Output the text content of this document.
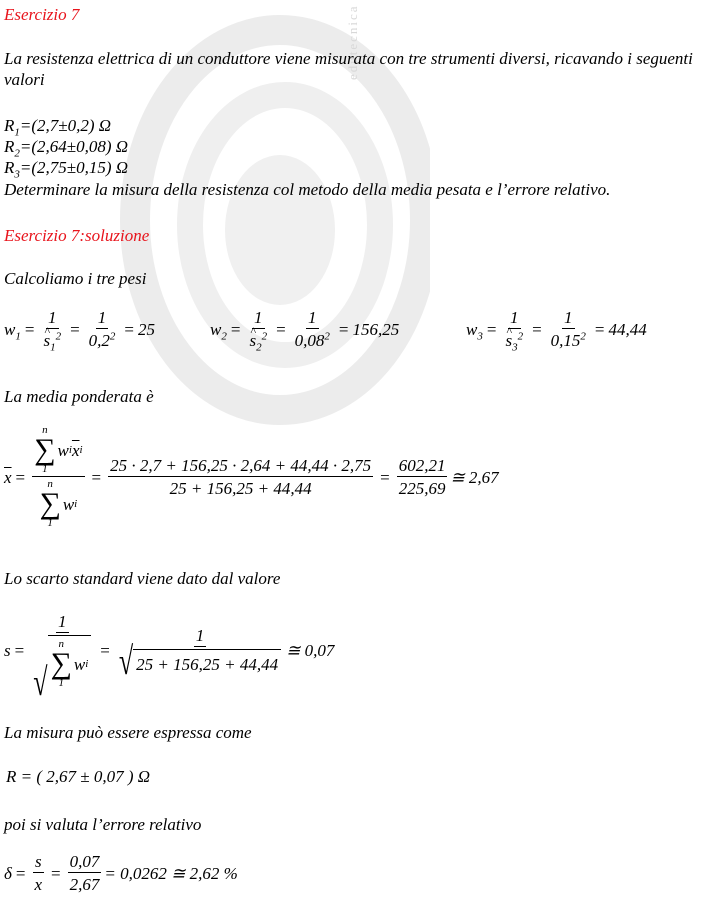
edutecnica
Esercizio 7
La resistenza elettrica di un conduttore viene misurata con tre strumenti diversi, ricavando i seguenti valori
$R_1=(2,7\pm 0,2)$ Ω
$R_2=(2,64\pm 0,08)$ Ω
$R_3=(2,75\pm 0,15)$ Ω
Determinare la misura della resistenza col metodo della media pesata e l’errore relativo.
Esercizio 7:soluzione
Calcoliamo i tre pesi
$w_1 = 1$
^ $s_1^2 = \frac{1}{0,2^2} = 25$	$w_2 = 1$
^ $s_2^2 = \frac{1}{0,08^2} = 156,25$	$w_3 = 1$
^ $s_3^2 = \frac{1}{0,15^2} = 44,44$
La media ponderata è
$\overline{x} = n$
∑
1
w i $\overline{x}$ i
n
∑
1
w $i = \frac{25 \cdot 2,7 + 156,25 \cdot 2,64 + 44,44 \cdot 2,75}{25 + 156,25 + 44,44} = \frac{602,21}{225,69}$ ≅ 2,67
Lo scarto standard viene dato dal valore
s = 1
√
n
∑
1
w $i = \frac{1}{√ 25 + 156,25 + 44,44}$ ≅ 0,07
La misura può essere espressa come
R = ( 2,67 ± 0,07 ) Ω
poi si valuta l’errore relativo
$\delta = \frac{s}{x} = \frac{0,07}{2,67} = 0,0262$ ≅ 2,62 %
